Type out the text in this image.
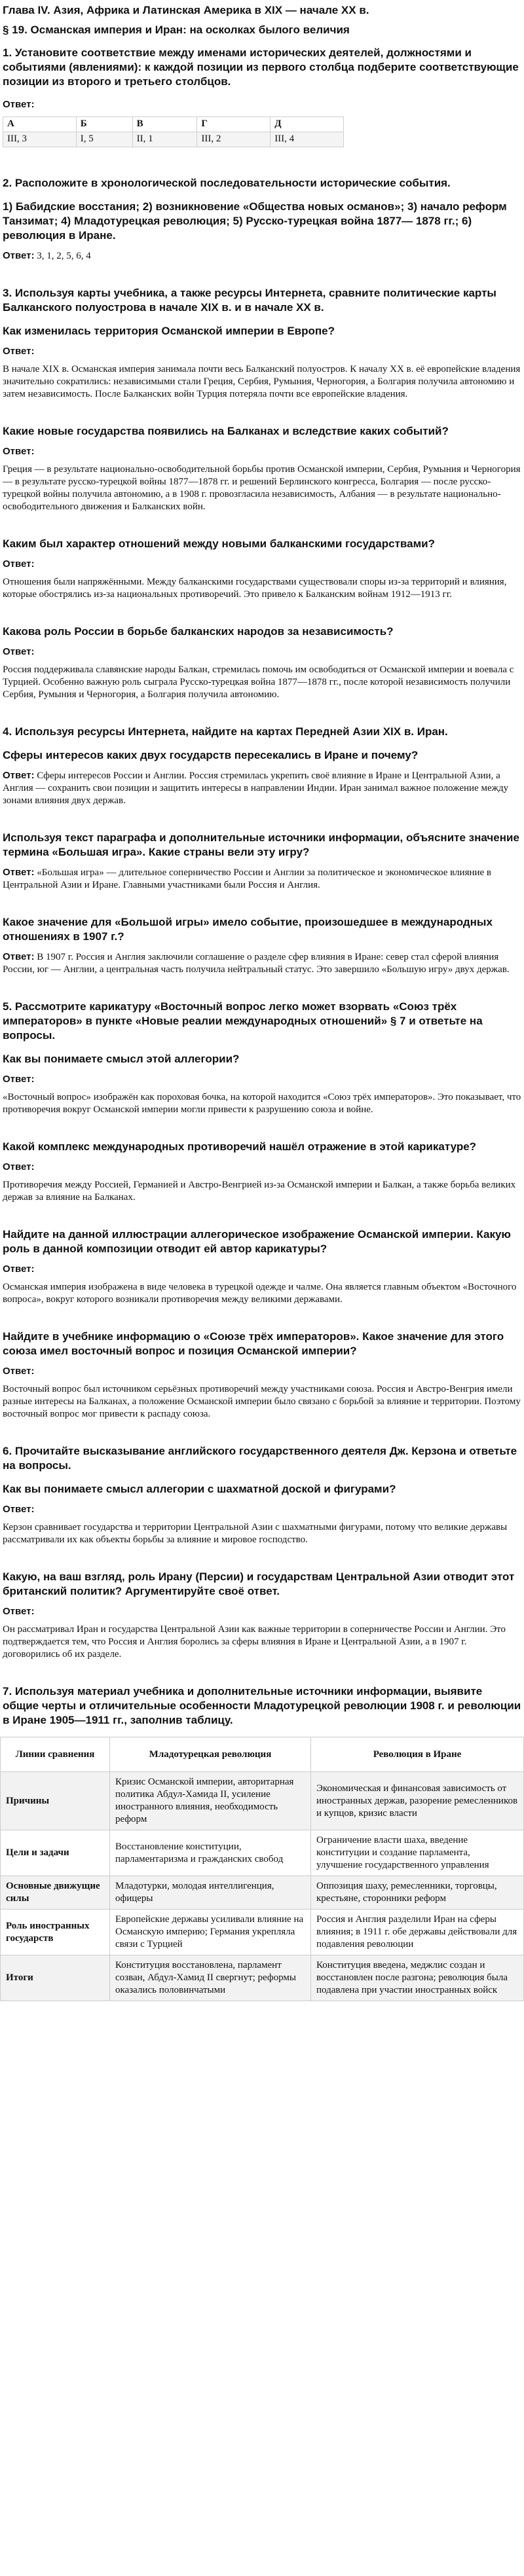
Глава IV. Азия, Африка и Латинская Америка в XIX — начале XX в.
§ 19. Османская империя и Иран: на осколках былого величия
1. Установите соответствие между именами исторических деятелей, должностями и событиями (явлениями): к каждой позиции из первого столбца подберите соответствующие позиции из второго и третьего столбцов.
Ответ:
А	Б	В	Г	Д
III, 3	I, 5	II, 1	III, 2	III, 4
2. Расположите в хронологической последовательности исторические события.
1) Бабидские восстания; 2) возникновение «Общества новых османов»; 3) начало реформ Танзимат; 4) Младотурецкая революция; 5) Русско-турецкая война 1877— 1878 гг.; 6) революция в Иране.

Ответ: 3, 1, 2, 5, 6, 4

3. Используя карты учебника, а также ресурсы Интернета, сравните политические карты Балканского полуострова в начале XIX в. и в начале XX в.
Как изменилась территория Османской империи в Европе?
Ответ:

В начале XIX в. Османская империя занимала почти весь Балканский полуостров. К началу XX в. её европейские владения значительно сократились: независимыми стали Греция, Сербия, Румыния, Черногория, а Болгария получила автономию и затем независимость. После Балканских войн Турция потеряла почти все европейские владения.

Какие новые государства появились на Балканах и вследствие каких событий?
Ответ:

Греция — в результате национально-освободительной борьбы против Османской империи, Сербия, Румыния и Черногория — в результате русско-турецкой войны 1877—1878 гг. и решений Берлинского конгресса, Болгария — после русско-турецкой войны получила автономию, а в 1908 г. провозгласила независимость, Албания — в результате национально-освободительного движения и Балканских войн.

Каким был характер отношений между новыми балканскими государствами?
Ответ:

Отношения были напряжёнными. Между балканскими государствами существовали споры из-за территорий и влияния, которые обострялись из-за национальных противоречий. Это привело к Балканским войнам 1912—1913 гг.

Какова роль России в борьбе балканских народов за независимость?
Ответ:

Россия поддерживала славянские народы Балкан, стремилась помочь им освободиться от Османской империи и воевала с Турцией. Особенно важную роль сыграла Русско-турецкая война 1877—1878 гг., после которой независимость получили Сербия, Румыния и Черногория, а Болгария получила автономию.

4. Используя ресурсы Интернета, найдите на картах Передней Азии XIX в. Иран.
Сферы интересов каких двух государств пересекались в Иране и почему?

Ответ: Сферы интересов России и Англии. Россия стремилась укрепить своё влияние в Иране и Центральной Азии, а Англия — сохранить свои позиции и защитить интересы в направлении Индии. Иран занимал важное положение между зонами влияния двух держав.

Используя текст параграфа и дополнительные источники информации, объясните значение термина «Большая игра». Какие страны вели эту игру?

Ответ: «Большая игра» — длительное соперничество России и Англии за политическое и экономическое влияние в Центральной Азии и Иране. Главными участниками были Россия и Англия.

Какое значение для «Большой игры» имело событие, произошедшее в международных отношениях в 1907 г.?

Ответ: В 1907 г. Россия и Англия заключили соглашение о разделе сфер влияния в Иране: север стал сферой влияния России, юг — Англии, а центральная часть получила нейтральный статус. Это завершило «Большую игру» двух держав.

5. Рассмотрите карикатуру «Восточный вопрос легко может взорвать «Союз трёх императоров» в пункте «Новые реалии международных отношений» § 7 и ответьте на вопросы.
Как вы понимаете смысл этой аллегории?
Ответ:

«Восточный вопрос» изображён как пороховая бочка, на которой находится «Союз трёх императоров». Это показывает, что противоречия вокруг Османской империи могли привести к разрушению союза и войне.

Какой комплекс международных противоречий нашёл отражение в этой карикатуре?
Ответ:

Противоречия между Россией, Германией и Австро-Венгрией из-за Османской империи и Балкан, а также борьба великих держав за влияние на Балканах.

Найдите на данной иллюстрации аллегорическое изображение Османской империи. Какую роль в данной композиции отводит ей автор карикатуры?
Ответ:

Османская империя изображена в виде человека в турецкой одежде и чалме. Она является главным объектом «Восточного вопроса», вокруг которого возникали противоречия между великими державами.

Найдите в учебнике информацию о «Союзе трёх императоров». Какое значение для этого союза имел восточный вопрос и позиция Османской империи?
Ответ:

Восточный вопрос был источником серьёзных противоречий между участниками союза. Россия и Австро-Венгрия имели разные интересы на Балканах, а положение Османской империи было связано с борьбой за влияние и территории. Поэтому восточный вопрос мог привести к распаду союза.

6. Прочитайте высказывание английского государственного деятеля Дж. Керзона и ответьте на вопросы.
Как вы понимаете смысл аллегории с шахматной доской и фигурами?
Ответ:

Керзон сравнивает государства и территории Центральной Азии с шахматными фигурами, потому что великие державы рассматривали их как объекты борьбы за влияние и мировое господство.

Какую, на ваш взгляд, роль Ирану (Персии) и государствам Центральной Азии отводит этот британский политик? Аргументируйте своё ответ.
Ответ:

Он рассматривал Иран и государства Центральной Азии как важные территории в соперничестве России и Англии. Это подтверждается тем, что Россия и Англия боролись за сферы влияния в Иране и Центральной Азии, а в 1907 г. договорились об их разделе.

7. Используя материал учебника и дополнительные источники информации, выявите общие черты и отличительные особенности Младотурецкой революции 1908 г. и революции в Иране 1905—1911 гг., заполнив таблицу.
Линии сравнения	Младотурецкая революция	Революция в Иране
Причины	Кризис Османской империи, авторитарная политика Абдул-Хамида II, усиление иностранного влияния, необходимость реформ	Экономическая и финансовая зависимость от иностранных держав, разорение ремесленников и купцов, кризис власти
Цели и задачи	Восстановление конституции, парламентаризма и гражданских свобод	Ограничение власти шаха, введение конституции и создание парламента, улучшение государственного управления
Основные движущие силы	Младотурки, молодая интеллигенция, офицеры	Оппозиция шаху, ремесленники, торговцы, крестьяне, сторонники реформ
Роль иностранных государств	Европейские державы усиливали влияние на Османскую империю; Германия укрепляла связи с Турцией	Россия и Англия разделили Иран на сферы влияния; в 1911 г. обе державы действовали для подавления революции
Итоги	Конституция восстановлена, парламент созван, Абдул-Хамид II свергнут; реформы оказались половинчатыми	Конституция введена, меджлис создан и восстановлен после разгона; революция была подавлена при участии иностранных войск
